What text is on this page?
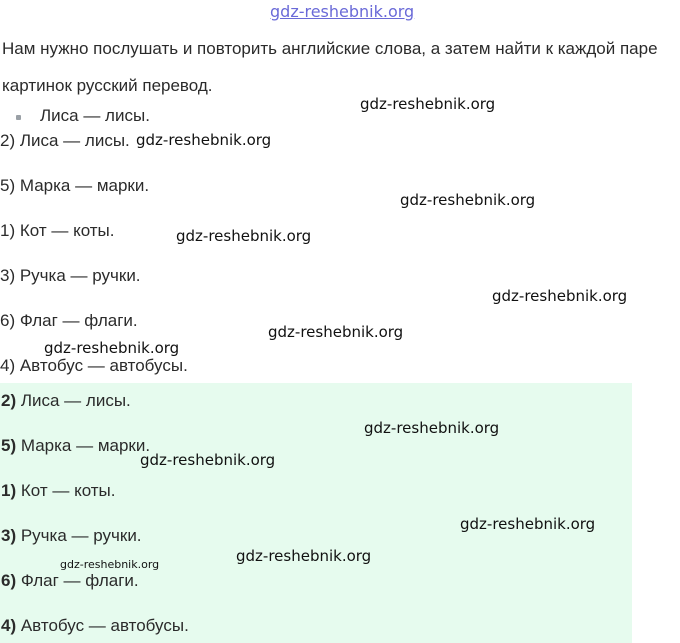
gdz-reshebnik.org
Нам нужно послушать и повторить английские слова, а затем найти к каждой паре картинок русский перевод.
Лиса — лисы.
2) Лиса — лисы.
5) Марка — марки.
1) Кот — коты.
3) Ручка — ручки.
6) Флаг — флаги.
4) Автобус — автобусы.
2) Лиса — лисы.
5) Марка — марки.
1) Кот — коты.
3) Ручка — ручки.
6) Флаг — флаги.
4) Автобус — автобусы.
gdz-reshebnik.org
gdz-reshebnik.org
gdz-reshebnik.org
gdz-reshebnik.org
gdz-reshebnik.org
gdz-reshebnik.org
gdz-reshebnik.org
gdz-reshebnik.org
gdz-reshebnik.org
gdz-reshebnik.org
gdz-reshebnik.org
gdz-reshebnik.org
